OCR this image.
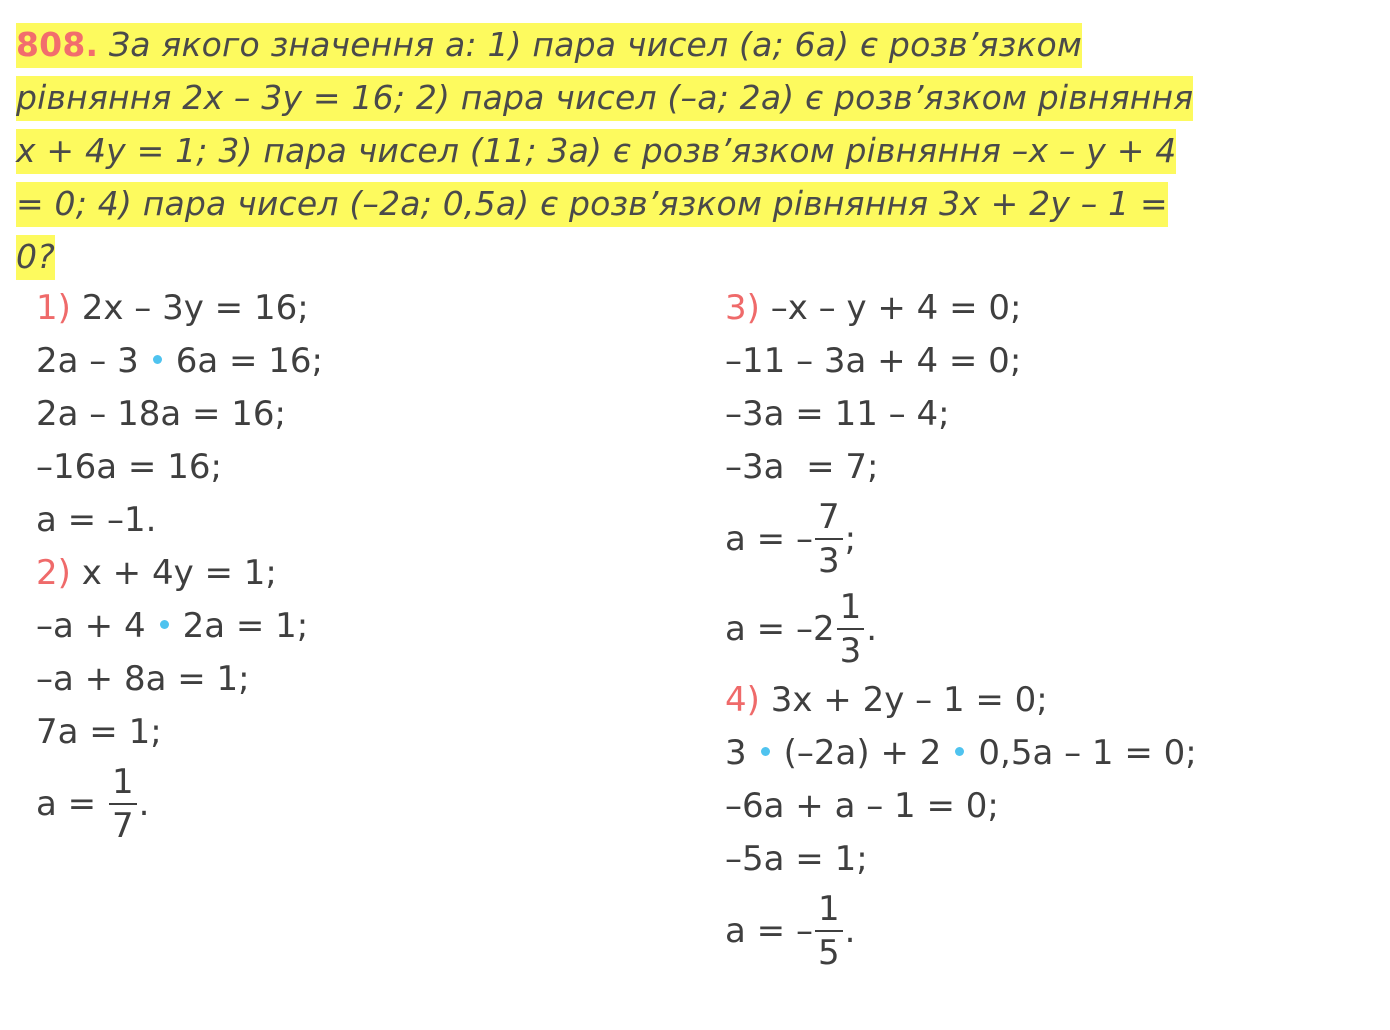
808. За якого значення а: 1) пара чисел (а; 6а) є розв’язком
рівняння 2x – 3y = 16; 2) пара чисел (–а; 2а) є розв’язком рівняння
x + 4y = 1; 3) пара чисел (11; 3а) є розв’язком рівняння –x – y + 4
= 0; 4) пара чисел (–2а; 0,5а) є розв’язком рівняння 3x + 2y – 1 =
0?
1) 2x – 3y = 16;
2а – 3 6а = 16;
2а – 18а = 16;
–16а = 16;
а = –1.
2) x + 4y = 1;
–а + 4 2а = 1;
–а + 8а = 1;
7а = 1;
$а = \frac{1}{7}$ .
3) –x – y + 4 = 0;
–11 – 3а + 4 = 0;
–3а = 11 – 4;
–3а  = 7;
а = – $\frac{7}{3}$ ;
$а = -2 \frac{1}{3}$ .
4) 3x + 2y – 1 = 0;
3 (–2а) + 2 0,5а – 1 = 0;
–6а + а – 1 = 0;
–5а = 1;
а = – $\frac{1}{5}$ .
